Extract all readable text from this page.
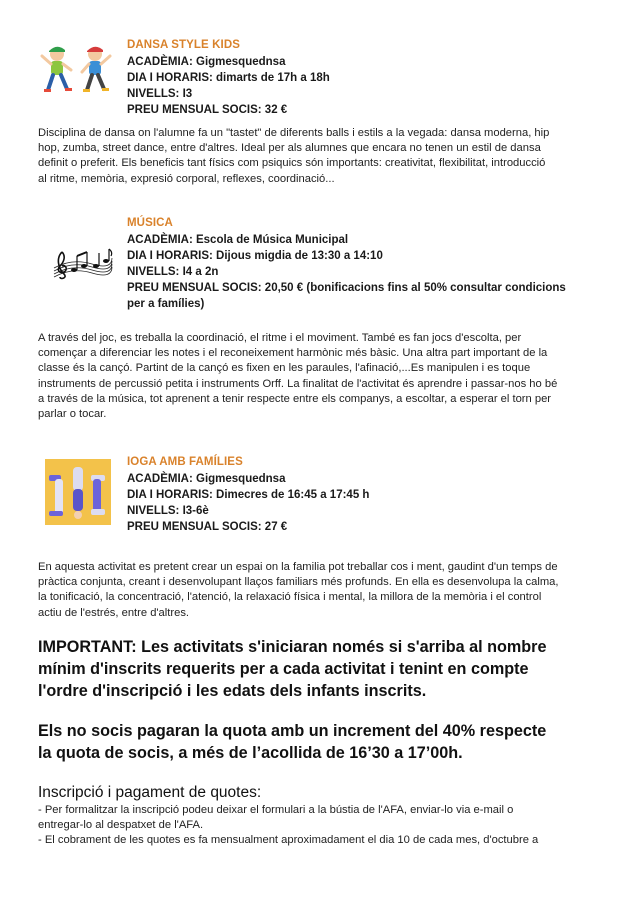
DANSA STYLE KIDS
ACADÈMIA: Gigmesquednsa
DIA I HORARIS: dimarts de 17h a 18h
NIVELLS: I3
PREU MENSUAL SOCIS: 32 €
Disciplina de dansa on l'alumne fa un "tastet" de diferents balls i estils a la vegada: dansa moderna, hip
hop, zumba, street dance, entre d'altres. Ideal per als alumnes que encara no tenen un estil de dansa
definit o preferit. Els beneficis tant físics com psiquics són importants: creativitat, flexibilitat, introducció
al ritme, memòria, expresió corporal, reflexes, coordinació...
MÚSICA
ACADÈMIA: Escola de Música Municipal
DIA I HORARIS: Dijous migdia de 13:30 a 14:10
NIVELLS: I4 a 2n
PREU MENSUAL SOCIS: 20,50 € (bonificacions fins al 50% consultar condicions
per a famílies)
A través del joc, es treballa la coordinació, el ritme i el moviment. També es fan jocs d'escolta, per
començar a diferenciar les notes i el reconeixement harmònic més bàsic. Una altra part important de la
classe és la cançó. Partint de la cançó es fixen en les paraules, l'afinació,...Es manipulen i es toque
instruments de percussió petita i instruments Orff. La finalitat de l'activitat és aprendre i passar-nos ho bé
a través de la música, tot aprenent a tenir respecte entre els companys, a escoltar, a esperar el torn per
parlar o tocar.
IOGA AMB FAMÍLIES
ACADÈMIA: Gigmesquednsa
DIA I HORARIS: Dimecres de 16:45 a 17:45 h
NIVELLS: I3-6è
PREU MENSUAL SOCIS: 27 €
En aquesta activitat es pretent crear un espai on la familia pot treballar cos i ment, gaudint d'un temps de
pràctica conjunta, creant i desenvolupant llaços familiars més profunds. En ella es desenvolupa la calma,
la tonificació, la concentració, l'atenció, la relaxació física i mental, la millora de la memòria i el control
actiu de l'estrés, entre d'altres.
IMPORTANT: Les activitats s'iniciaran només si s'arriba al nombre
mínim d'inscrits requerits per a cada activitat i tenint en compte
l'ordre d'inscripció i les edats dels infants inscrits.
Els no socis pagaran la quota amb un increment del 40% respecte
la quota de socis, a més de l’acollida de 16’30 a 17’00h.
Inscripció i pagament de quotes:
- Per formalitzar la inscripció podeu deixar el formulari a la bústia de l'AFA, enviar-lo via e-mail o
entregar-lo al despatxet de l'AFA.
- El cobrament de les quotes es fa mensualment aproximadament el dia 10 de cada mes, d'octubre a
